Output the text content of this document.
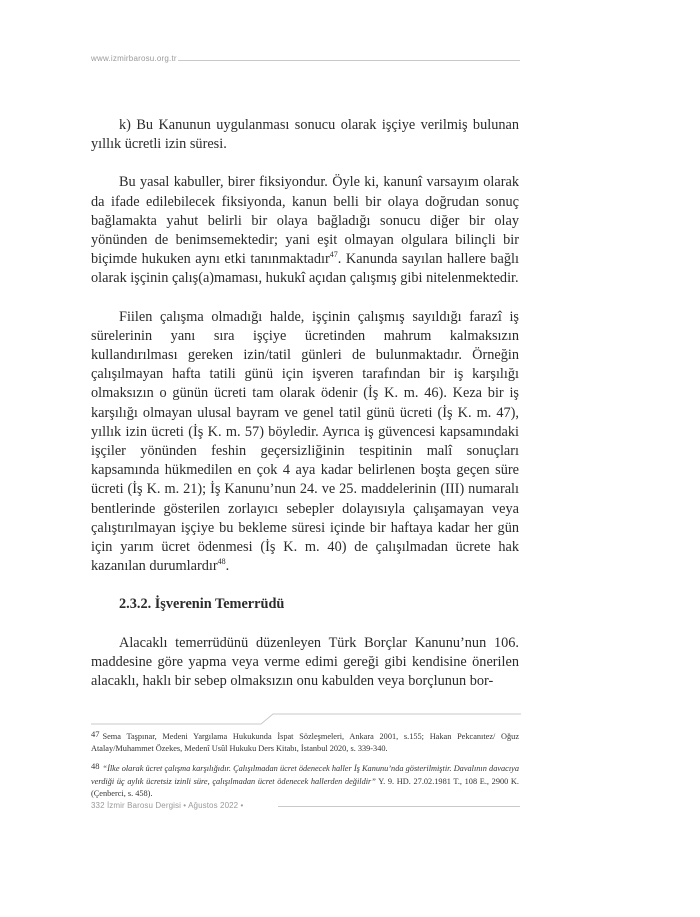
www.izmirbarosu.org.tr

k) Bu Kanunun uygulanması sonucu olarak işçiye verilmiş bulunan yıllık ücretli izin süresi.

Bu yasal kabuller, birer fiksiyondur. Öyle ki, kanunî varsayım olarak da ifade edilebilecek fiksiyonda, kanun belli bir olaya doğrudan sonuç bağlamakta yahut belirli bir olaya bağladığı sonucu diğer bir olay yönünden de benimsemektedir; yani eşit olmayan olgulara bilinçli bir biçimde hukuken aynı etki tanınmaktadır$^{47}$. Kanunda sayılan hallere bağlı olarak işçinin çalış(a)maması, hukukî açıdan çalışmış gibi nitelenmektedir.

Fiilen çalışma olmadığı halde, işçinin çalışmış sayıldığı farazî iş sürelerinin yanı sıra işçiye ücretinden mahrum kalmaksızın kullandırılması gereken izin/tatil günleri de bulunmaktadır. Örneğin çalışılmayan hafta tatili günü için işveren tarafından bir iş karşılığı olmaksızın o günün ücreti tam olarak ödenir (İş K. m. 46). Keza bir iş karşılığı olmayan ulusal bayram ve genel tatil günü ücreti (İş K. m. 47), yıllık izin ücreti (İş K. m. 57) böyledir. Ayrıca iş güvencesi kapsamındaki işçiler yönünden feshin geçersizliğinin tespitinin malî sonuçları kapsamında hükmedilen en çok 4 aya kadar belirlenen boşta geçen süre ücreti (İş K. m. 21); İş Kanunu’nun 24. ve 25. maddelerinin (III) numaralı bentlerinde gösterilen zorlayıcı sebepler dolayısıyla çalışamayan veya çalıştırılmayan işçiye bu bekleme süresi içinde bir haftaya kadar her gün için yarım ücret ödenmesi (İş K. m. 40) de çalışılmadan ücrete hak kazanılan durumlardır$^{48}$.

2.3.2. İşverenin Temerrüdü

Alacaklı temerrüdünü düzenleyen Türk Borçlar Kanunu’nun 106. maddesine göre yapma veya verme edimi gereği gibi kendisine önerilen alacaklı, haklı bir sebep olmaksızın onu kabulden veya borçlunun bor-

47 Sema Taşpınar, Medeni Yargılama Hukukunda İspat Sözleşmeleri, Ankara 2001, s.155; Hakan Pekcanıtez/ Oğuz Atalay/Muhammet Özekes, Medenî Usûl Hukuku Ders Kitabı, İstanbul 2020, s. 339-340.

48 “İlke olarak ücret çalışma karşılığıdır. Çalışılmadan ücret ödenecek haller İş Kanunu’nda gösterilmiştir. Davalının davacıya verdiği üç aylık ücretsiz izinli süre, çalışılmadan ücret ödenecek hallerden değildir” Y. 9. HD. 27.02.1981 T., 108 E., 2900 K. (Çenberci, s. 458).

332 İzmir Barosu Dergisi • Ağustos 2022 •
